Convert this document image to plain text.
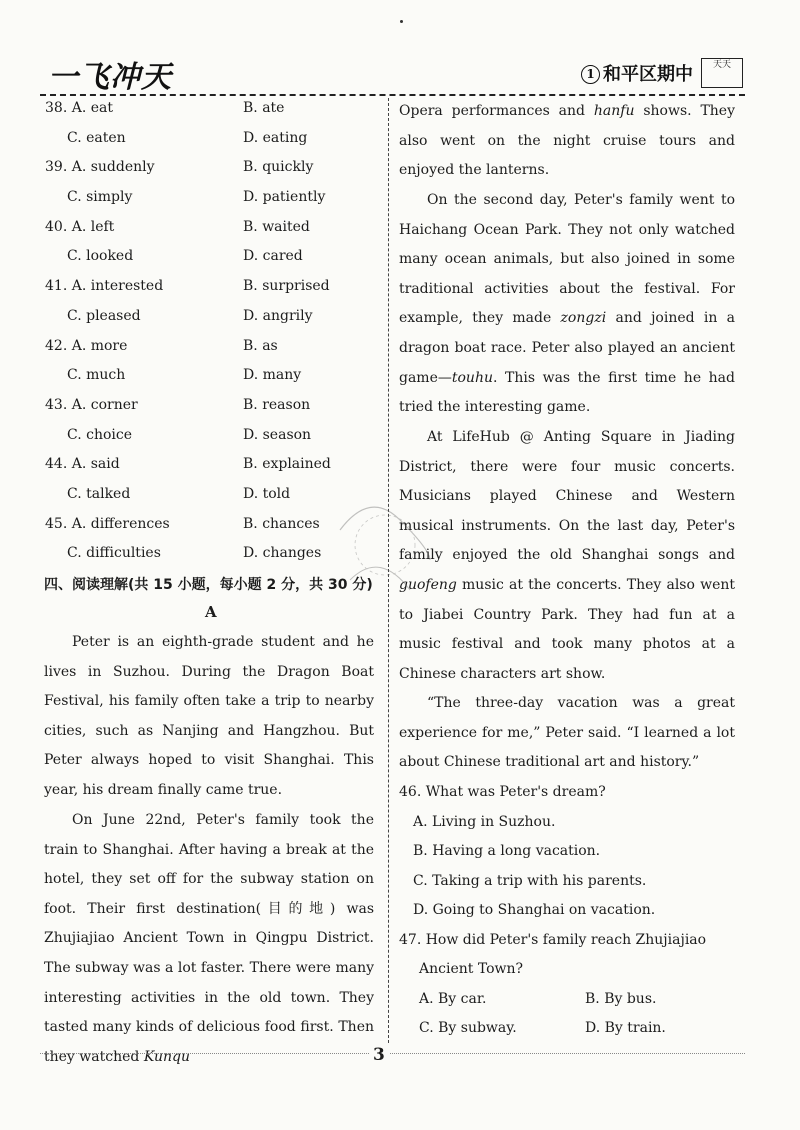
一飞冲天	1 和平区期中	天天
38. A. eat	B. ate
C. eaten	D. eating
39. A. suddenly	B. quickly
C. simply	D. patiently
40. A. left	B. waited
C. looked	D. cared
41. A. interested	B. surprised
C. pleased	D. angrily
42. A. more	B. as
C. much	D. many
43. A. corner	B. reason
C. choice	D. season
44. A. said	B. explained
C. talked	D. told
45. A. differences	B. chances
C. difficulties	D. changes
四、阅读理解(共 15 小题，每小题 2 分，共 30 分)
A
Peter is an eighth-grade student and he lives in Suzhou. During the Dragon Boat Festival, his family often take a trip to nearby cities, such as Nanjing and Hangzhou. But Peter always hoped to visit Shanghai. This year, his dream finally came true.
On June 22nd, Peter's family took the train to Shanghai. After having a break at the hotel, they set off for the subway station on foot. Their first destination(目的地) was Zhujiajiao Ancient Town in Qingpu District. The subway was a lot faster. There were many interesting activities in the old town. They tasted many kinds of delicious food first. Then they watched Kunqu
Opera performances and hanfu shows. They also went on the night cruise tours and enjoyed the lanterns.
On the second day, Peter's family went to Haichang Ocean Park. They not only watched many ocean animals, but also joined in some traditional activities about the festival. For example, they made zongzi and joined in a dragon boat race. Peter also played an ancient game—touhu. This was the first time he had tried the interesting game.
At LifeHub @ Anting Square in Jiading District, there were four music concerts. Musicians played Chinese and Western musical instruments. On the last day, Peter's family enjoyed the old Shanghai songs and guofeng music at the concerts. They also went to Jiabei Country Park. They had fun at a music festival and took many photos at a Chinese characters art show.
“The three-day vacation was a great experience for me,” Peter said. “I learned a lot about Chinese traditional art and history.”
46. What was Peter's dream?
A. Living in Suzhou.
B. Having a long vacation.
C. Taking a trip with his parents.
D. Going to Shanghai on vacation.
47. How did Peter's family reach Zhujiajiao
Ancient Town?
A. By car.	B. By bus.
C. By subway.	D. By train.
3
